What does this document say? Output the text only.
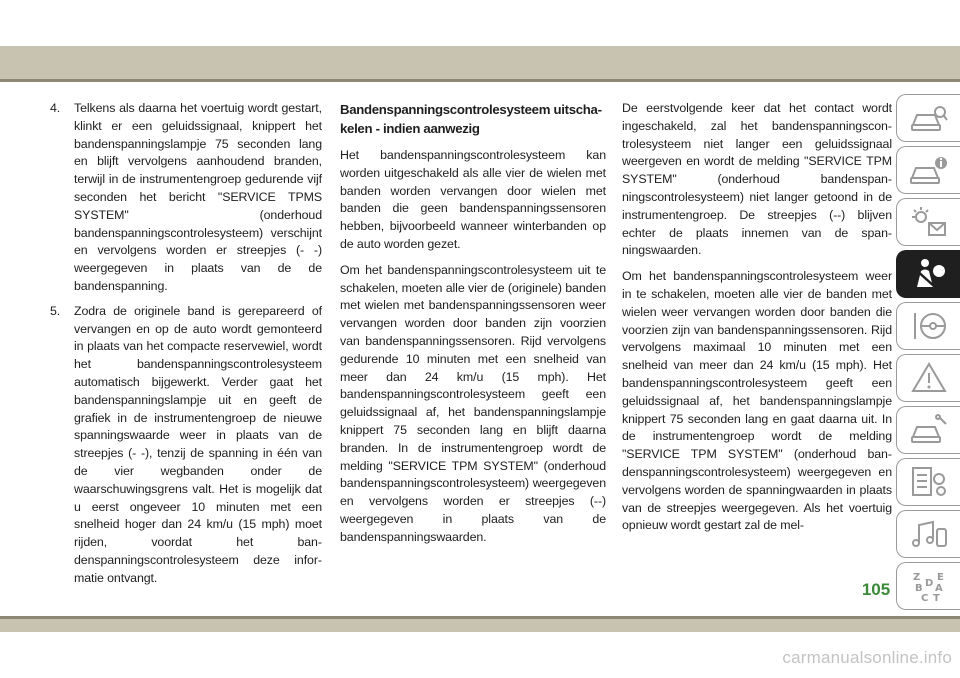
4. Telkens als daarna het voertuig wordt gestart, klinkt er een geluidssignaal, knippert het bandenspanningslampje 75 seconden lang en blijft vervolgens aanhoudend branden, terwijl in de instrumentengroep gedurende vijf seconden het bericht "SERVICE TPMS SYSTEM" (onderhoud bandenspanningscontrolesysteem) verschijnt en vervolgens worden er streepjes (- -) weergegeven in plaats van de de bandenspanning.
5. Zodra de originele band is gerepareerd of vervangen en op de auto wordt gemonteerd in plaats van het compacte reservewiel, wordt het bandenspanningscontrolesysteem automatisch bijgewerkt. Verder gaat het bandenspanningslampje uit en geeft de grafiek in de instrumentengroep de nieuwe spanningswaarde weer in plaats van de streepjes (- -), tenzij de spanning in één van de vier wegbanden onder de waarschuwingsgrens valt. Het is mogelijk dat u eerst ongeveer 10 minuten met een snelheid hoger dan 24 km/u (15 mph) moet rijden, voordat het bandenspanningscontrolesysteem deze informatie ontvangt.
Bandenspanningscontrolesysteem uitschakelen - indien aanwezig

Het bandenspanningscontrolesysteem kan worden uitgeschakeld als alle vier de wielen met banden worden vervangen door wielen met banden die geen bandenspanningssensoren hebben, bijvoorbeeld wanneer winterbanden op de auto worden gezet.

Om het bandenspanningscontrolesysteem uit te schakelen, moeten alle vier de (originele) banden met wielen met bandenspanningssensoren weer vervangen worden door banden zijn voorzien van bandenspanningssensoren. Rijd vervolgens gedurende 10 minuten met een snelheid van meer dan 24 km/u (15 mph). Het bandenspanningscontrolesysteem geeft een geluidssignaal af, het bandenspanningslampje knippert 75 seconden lang en blijft daarna branden. In de instrumentengroep wordt de melding "SERVICE TPM SYSTEM" (onderhoud bandenspanningscontrolesysteem) weergegeven en vervolgens worden er streepjes (--) weergegeven in plaats van de bandenspanningswaarden.

De eerstvolgende keer dat het contact wordt ingeschakeld, zal het bandenspanningscontrolesysteem niet langer een geluidssignaal weergeven en wordt de melding "SERVICE TPM SYSTEM" (onderhoud bandenspanningscontrolesysteem) niet langer getoond in de instrumentengroep. De streepjes (--) blijven echter de plaats innemen van de spanningswaarden.

Om het bandenspanningscontrolesysteem weer in te schakelen, moeten alle vier de banden met wielen weer vervangen worden door banden die voorzien zijn van bandenspanningssensoren. Rijd vervolgens maximaal 10 minuten met een snelheid van meer dan 24 km/u (15 mph). Het bandenspanningscontrolesysteem geeft een geluidssignaal af, het bandenspanningslampje knippert 75 seconden lang en gaat daarna uit. In de instrumentengroep wordt de melding "SERVICE TPM SYSTEM" (onderhoud bandenspanningscontrolesysteem) weergegeven en vervolgens worden de spanningwaarden in plaats van de streepjes weergegeven. Als het voertuig opnieuw wordt gestart zal de mel-

Z E
B A
D
C T
105
carmanualsonline.info
